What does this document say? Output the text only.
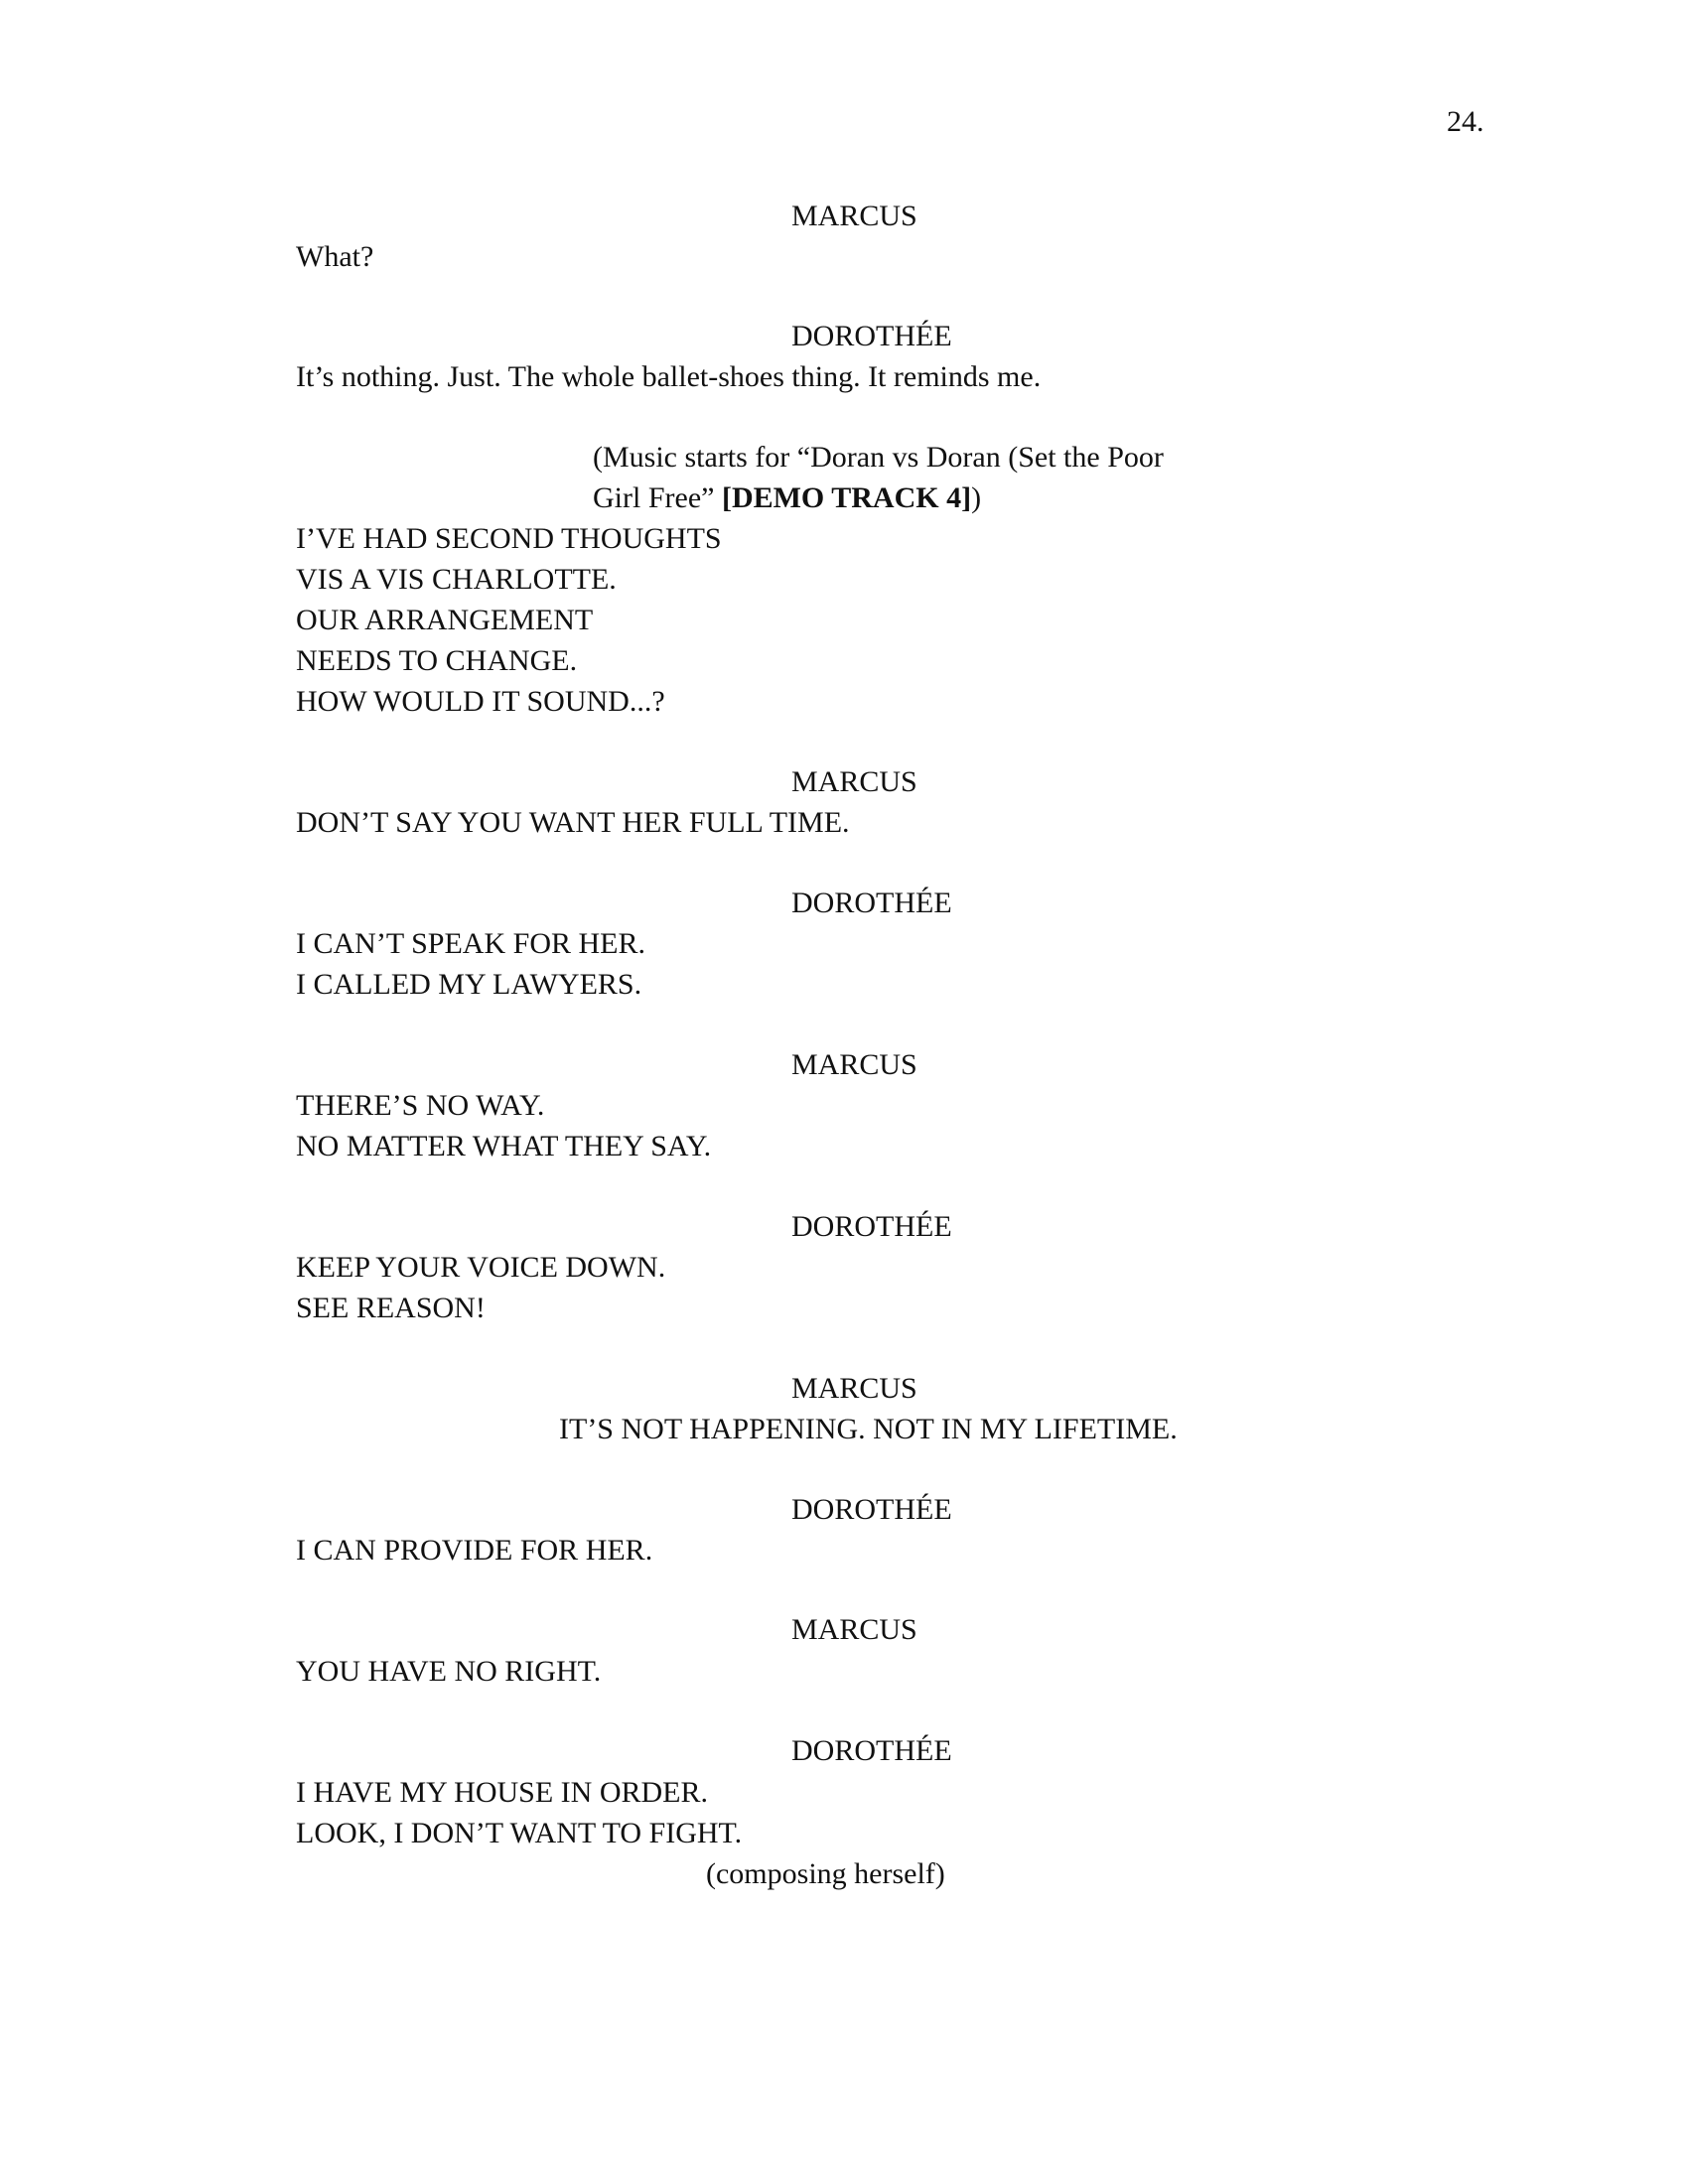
24.
MARCUS
What?
DOROTHÉE
It’s nothing. Just. The whole ballet-shoes thing. It reminds me.
(Music starts for “Doran vs Doran (Set the Poor
Girl Free” [DEMO TRACK 4])
I’VE HAD SECOND THOUGHTS
VIS A VIS CHARLOTTE.
OUR ARRANGEMENT
NEEDS TO CHANGE.
HOW WOULD IT SOUND...?
MARCUS
DON’T SAY YOU WANT HER FULL TIME.
DOROTHÉE
I CAN’T SPEAK FOR HER.
I CALLED MY LAWYERS.
MARCUS
THERE’S NO WAY.
NO MATTER WHAT THEY SAY.
DOROTHÉE
KEEP YOUR VOICE DOWN.
SEE REASON!
MARCUS
IT’S NOT HAPPENING. NOT IN MY LIFETIME.
DOROTHÉE
I CAN PROVIDE FOR HER.
MARCUS
YOU HAVE NO RIGHT.
DOROTHÉE
I HAVE MY HOUSE IN ORDER.
LOOK, I DON’T WANT TO FIGHT.
(composing herself)
